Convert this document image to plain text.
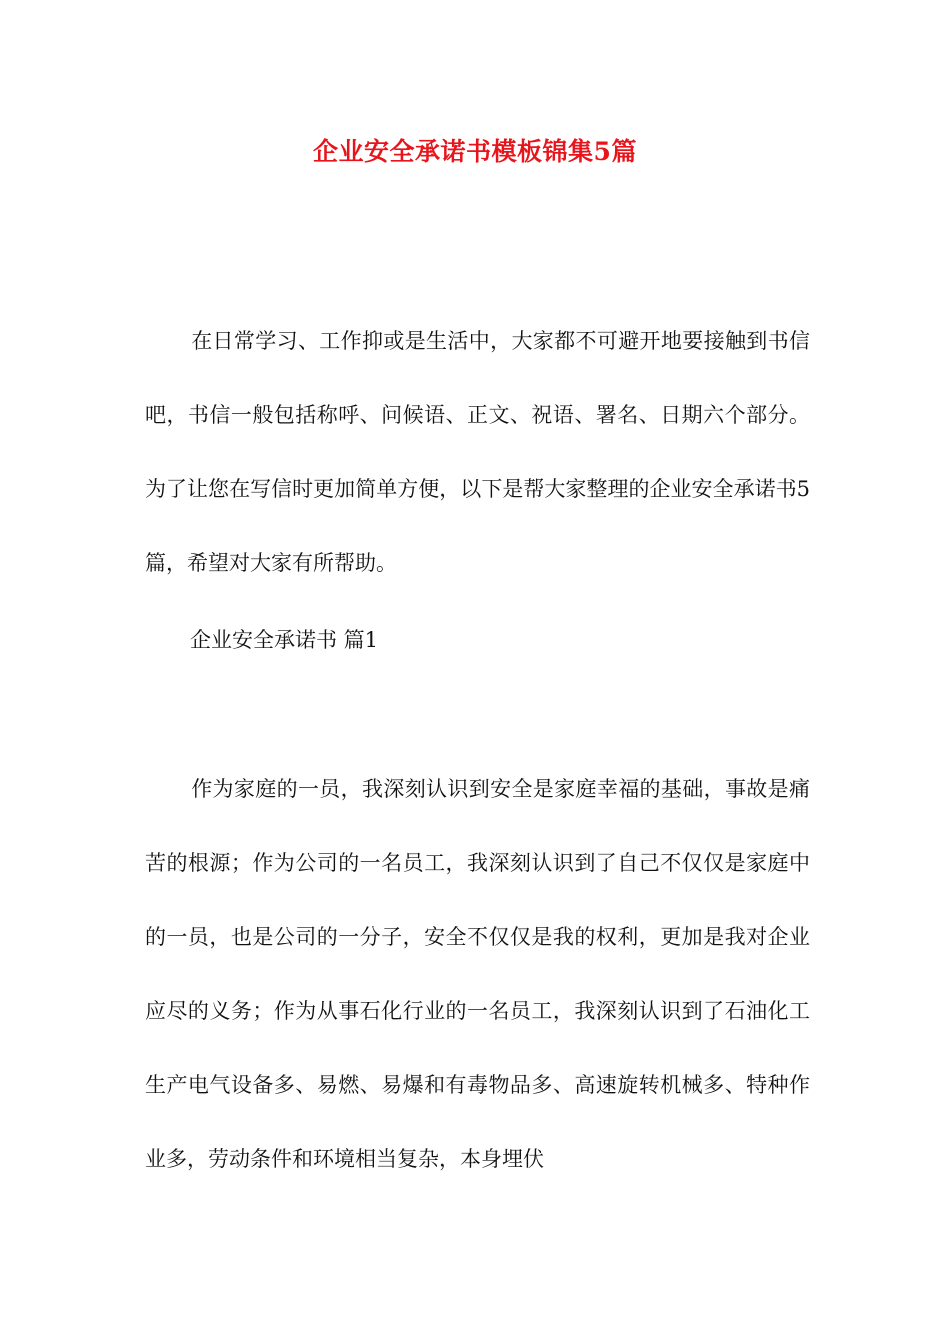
企业安全承诺书模板锦集5篇

在日常学习、工作抑或是生活中，大家都不可避开地要接触到书信吧，书信一般包括称呼、问候语、正文、祝语、署名、日期六个部分。为了让您在写信时更加简单方便，以下是帮大家整理的企业安全承诺书5篇，希望对大家有所帮助。

企业安全承诺书 篇1

作为家庭的一员，我深刻认识到安全是家庭幸福的基础，事故是痛苦的根源；作为公司的一名员工，我深刻认识到了自己不仅仅是家庭中的一员，也是公司的一分子，安全不仅仅是我的权利，更加是我对企业应尽的义务；作为从事石化行业的一名员工，我深刻认识到了石油化工生产电气设备多、易燃、易爆和有毒物品多、高速旋转机械多、特种作业多，劳动条件和环境相当复杂，本身埋伏
